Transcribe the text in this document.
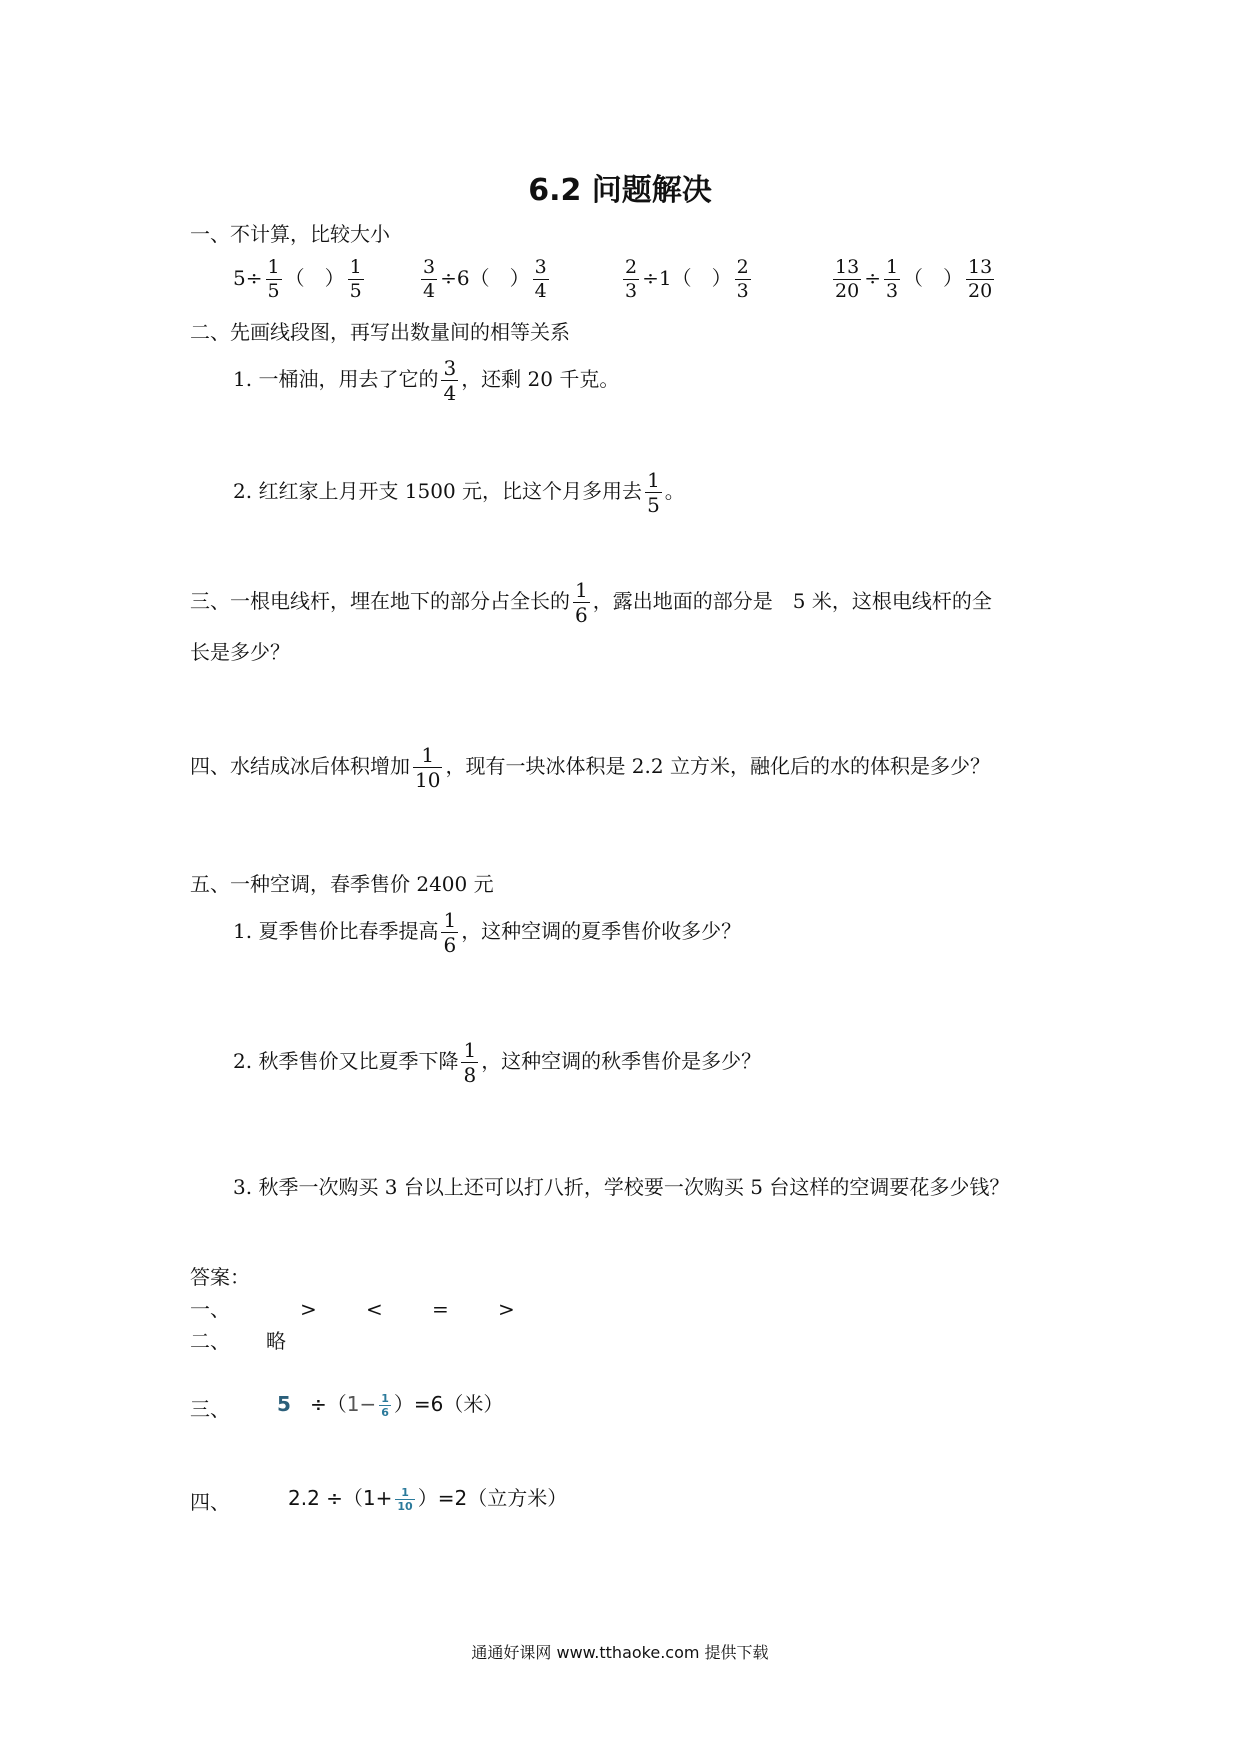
6.2 问题解决
一、不计算，比较大小
$5\div \frac{1}{5}$ （　） $\frac{1}{5}$	$\frac{3}{4} \div 6$（　） $\frac{3}{4}$	$\frac{2}{3} \div 1$（　） $\frac{2}{3}$	$\frac{13}{20} \div \frac{1}{3}$ （　） $\frac{13}{20}$
二、先画线段图，再写出数量间的相等关系
1. 一桶油，用去了它的 $\frac{3}{4}$ ，还剩 20 千克。
2. 红红家上月开支 1500 元，比这个月多用去 $\frac{1}{5}$ 。
三、一根电线杆，埋在地下的部分占全长的 $\frac{1}{6}$ ，露出地面的部分是　5 米，这根电线杆的全
长是多少？
四、水结成冰后体积增加 $\frac{1}{10}$ ，现有一块冰体积是 2.2 立方米，融化后的水的体积是多少？
五、一种空调，春季售价 2400 元
1. 夏季售价比春季提高 $\frac{1}{6}$ ，这种空调的夏季售价收多少？
2. 秋季售价又比夏季下降 $\frac{1}{8}$ ，这种空调的秋季售价是多少？
3. 秋季一次购买 3 台以上还可以打八折，学校要一次购买 5 台这样的空调要花多少钱？
答案：
一、	> < = >
二、 略
三、 $5 \div(1- \frac{1}{6} )=6$（米）
四、	$2.2 \div(1+ \frac{1}{10} )=2$（立方米）
通通好课网 www.tthaoke.com 提供下载
